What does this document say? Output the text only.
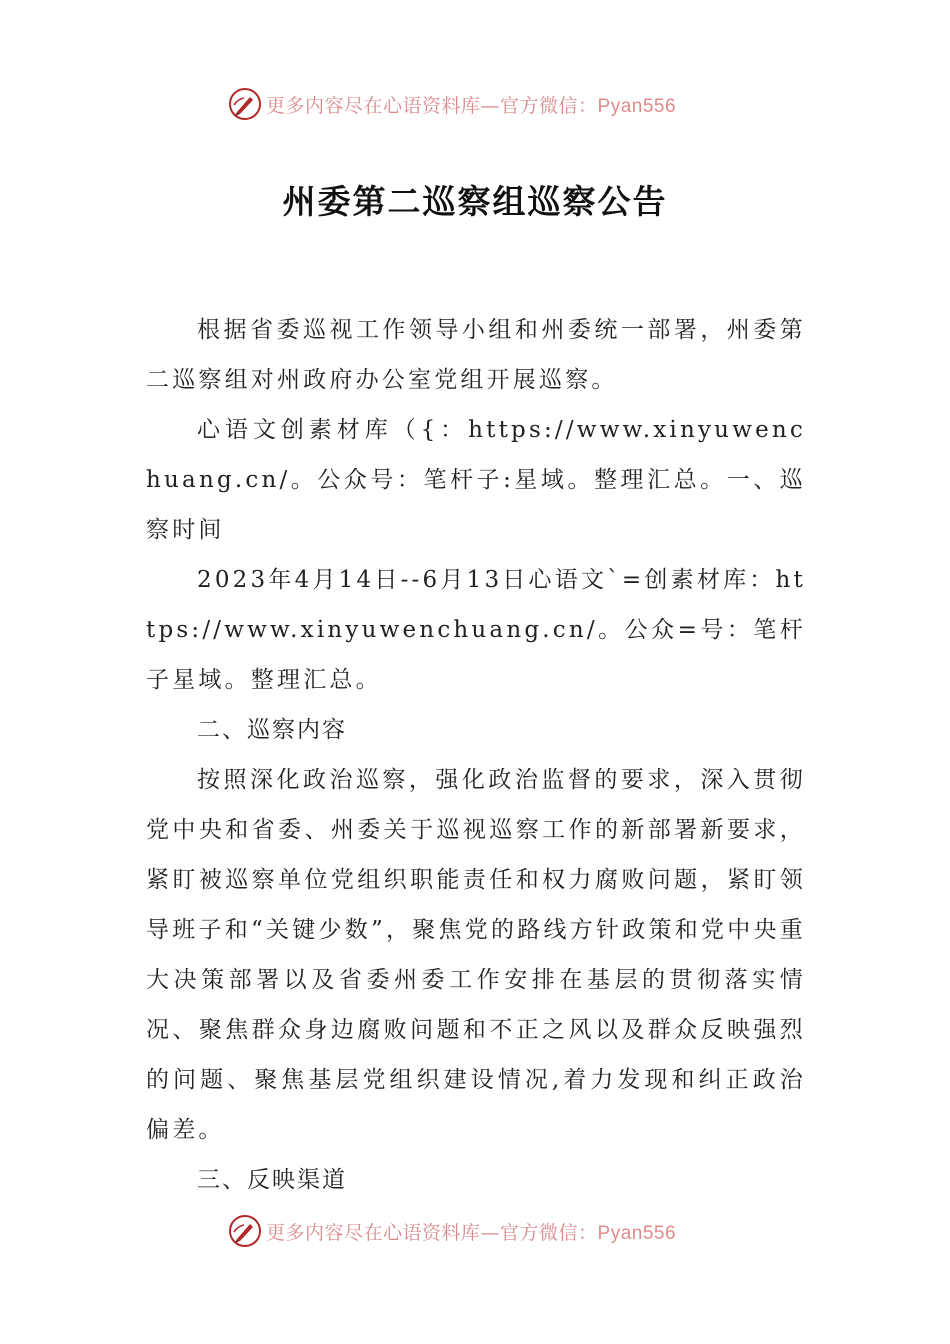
更多内容尽在心语资料库—官方微信：Pyan556
州委第二巡察组巡察公告

根据省委巡视工作领导小组和州委统一部署，州委第二巡察组对州政府办公室党组开展巡察。

心语文创素材库（{：https://www.xinyuwenchuang.cn/。公众号：笔杆子:星域。整理汇总。一、巡察时间

2023年4月14日--6月13日心语文`=创素材库：https://www.xinyuwenchuang.cn/。公众=号：笔杆子星域。整理汇总。

二、巡察内容

按照深化政治巡察，强化政治监督的要求，深入贯彻党中央和省委、州委关于巡视巡察工作的新部署新要求，紧盯被巡察单位党组织职能责任和权力腐败问题，紧盯领导班子和“关键少数”，聚焦党的路线方针政策和党中央重大决策部署以及省委州委工作安排在基层的贯彻落实情况、聚焦群众身边腐败问题和不正之风以及群众反映强烈的问题、聚焦基层党组织建设情况,着力发现和纠正政治偏差。

三、反映渠道

更多内容尽在心语资料库—官方微信：Pyan556
